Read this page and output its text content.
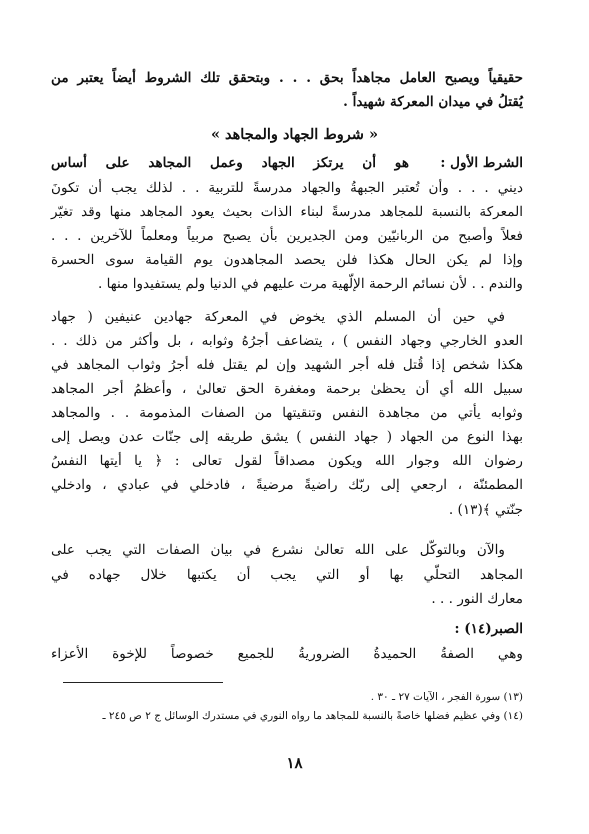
حقيقياً ويصبح العامل مجاهداً بحق . . . وبتحقق تلك الشروط أيضاً يعتبر من
يُقتلُ في ميدان المعركة شهيداً .
« شروط الجهاد والمجاهد »
الشرط الأول :
هو أن يرتكز الجهاد وعمل المجاهد على أساس
ديني . . . وأن تُعتبر الجبهةُ والجهاد مدرسةً للتربية . . لذلك يجب أن تكونَ
المعركة بالنسبة للمجاهد مدرسةً لبناء الذات بحيث يعود المجاهد منها وقد تغيّر
فعلاً وأصبح من الربانيّين ومن الجديرين بأن يصبح مربياً ومعلماً للآخرين . . .
وإذا لم يكن الحال هكذا فلن يحصد المجاهدون يوم القيامة سوى الحسرة
والندم . . لأن نسائم الرحمة الإلّهية مرت عليهم في الدنيا ولم يستفيدوا منها .
في حين أن المسلم الذي يخوض في المعركة جهادين عنيفين ( جهاد
العدو الخارجي وجهاد النفس ) ، يتضاعف أجرُهُ وثوابه ، بل وأكثر من ذلك . .
هكذا شخص إذا قُتل فله أجر الشهيد وإن لم يقتل فله أجرُ وثواب المجاهد في
سبيل الله أي أن يحظىٰ برحمة ومغفرة الحق تعالىٰ ، وأعظمُ أجر المجاهد
وثوابه يأتي من مجاهدة النفس وتنقيتها من الصفات المذمومة . . والمجاهد
بهذا النوع من الجهاد ( جهاد النفس ) يشق طريقه إلى جنّات عدن ويصل إلى
رضوان الله وجوار الله ويكون مصداقاً لقول تعالى : ﴿ يا أيتها النفسُ
المطمئنّة ، ارجعي إلى ربّك راضيةً مرضيةً ، فادخلي في عبادي ، وادخلي
جنّتي ﴾(١٣) .
والآن وبالتوكّل على الله تعالىٰ نشرع في بيان الصفات التي يجب على
المجاهد التحلّي بها أو التي يجب أن يكتبها خلال جهاده في
معارك النور . . .
الصبر(١٤) :
وهي الصفةُ الحميدةُ الضروريةُ للجميع خصوصاً للإخوة الأعزاء
(١٣) سورة الفجر ، الآيات ٢٧ ـ ٣٠ .
(١٤) وفي عظيم فضلها خاصةً بالنسبة للمجاهد ما رواه النوري في مستدرك الوسائل ج ٢ ص ٢٤٥ ـ
١٨
